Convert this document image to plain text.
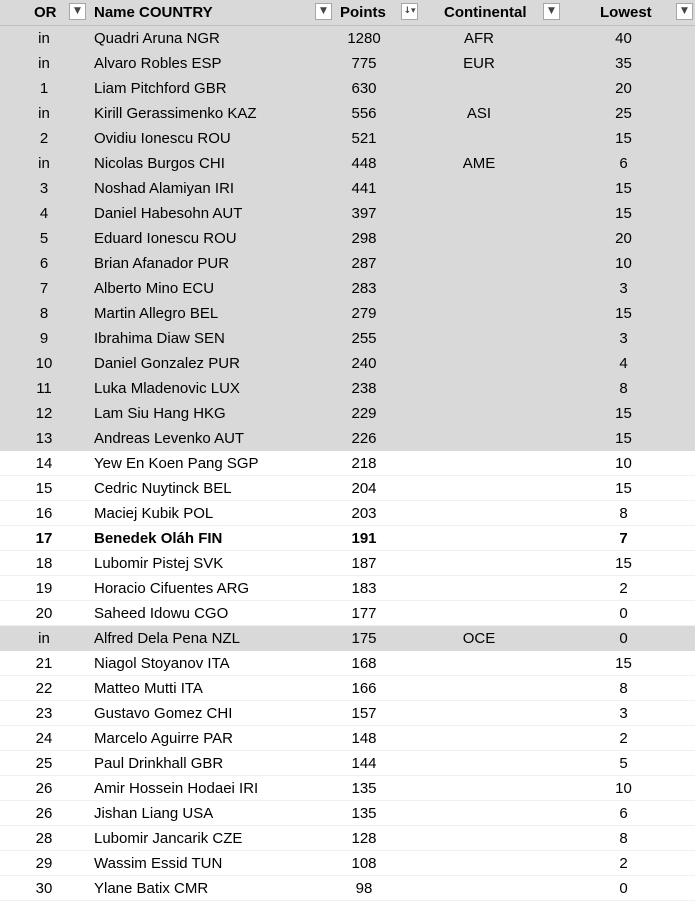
OR ▼	Name COUNTRY ▼	Points ↓▾	Continental ▼	Lowest ▼

in	Quadri Aruna NGR	1280	AFR	40
in	Alvaro Robles ESP	775	EUR	35
1	Liam Pitchford GBR	630		20
in	Kirill Gerassimenko KAZ	556	ASI	25
2	Ovidiu Ionescu ROU	521		15
in	Nicolas Burgos CHI	448	AME	6
3	Noshad Alamiyan IRI	441		15
4	Daniel Habesohn AUT	397		15
5	Eduard Ionescu ROU	298		20
6	Brian Afanador PUR	287		10
7	Alberto Mino ECU	283		3
8	Martin Allegro BEL	279		15
9	Ibrahima Diaw SEN	255		3
10	Daniel Gonzalez PUR	240		4
11	Luka Mladenovic LUX	238		8
12	Lam Siu Hang HKG	229		15
13	Andreas Levenko AUT	226		15
14	Yew En Koen Pang SGP	218		10
15	Cedric Nuytinck BEL	204		15
16	Maciej Kubik POL	203		8
17	Benedek Oláh FIN	191		7
18	Lubomir Pistej SVK	187		15
19	Horacio Cifuentes ARG	183		2
20	Saheed Idowu CGO	177		0
in	Alfred Dela Pena NZL	175	OCE	0
21	Niagol Stoyanov ITA	168		15
22	Matteo Mutti ITA	166		8
23	Gustavo Gomez CHI	157		3
24	Marcelo Aguirre PAR	148		2
25	Paul Drinkhall GBR	144		5
26	Amir Hossein Hodaei IRI	135		10
26	Jishan Liang USA	135		6
28	Lubomir Jancarik CZE	128		8
29	Wassim Essid TUN	108		2
30	Ylane Batix CMR	98		0
